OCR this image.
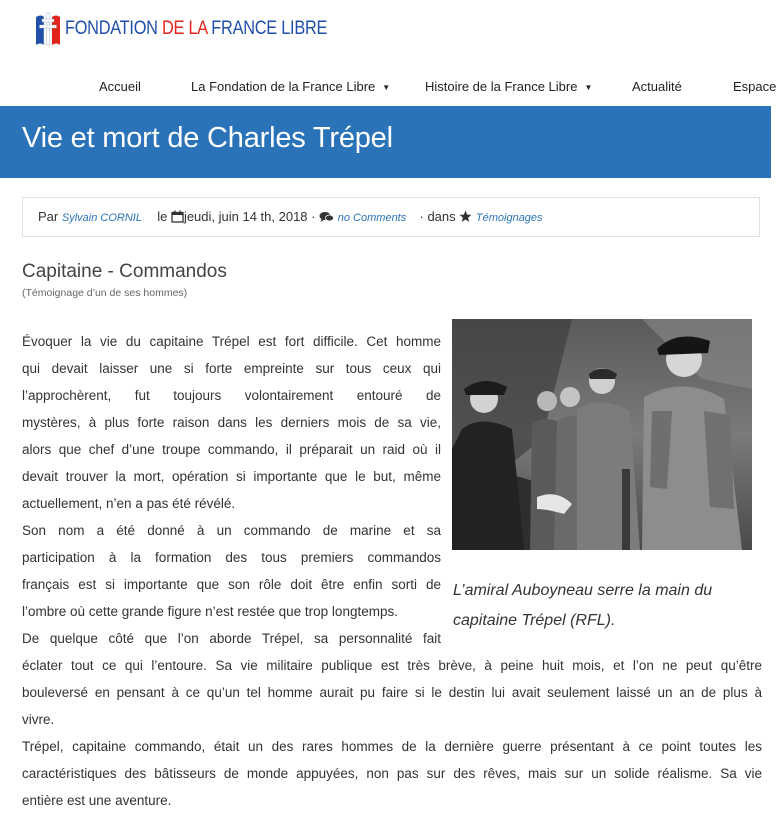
FONDATION DE LA FRANCE LIBRE
Accueil	La Fondation de la France Libre ▼	Histoire de la France Libre ▼	Actualité	Espace
Vie et mort de Charles Trépel
Par Sylvain CORNIL le jeudi, juin 14 th, 2018 · no Comments · dans Témoignages
Capitaine - Commandos
(Témoignage d’un de ses hommes)
Évoquer la vie du capitaine Trépel est fort difficile. Cet homme
qui devait laisser une si forte empreinte sur tous ceux qui
l’approchèrent, fut toujours volontairement entouré de
mystères, à plus forte raison dans les derniers mois de sa vie,
alors que chef d’une troupe commando, il préparait un raid où il
devait trouver la mort, opération si importante que le but, même
actuellement, n’en a pas été révélé.
Son nom a été donné à un commando de marine et sa
participation à la formation des tous premiers commandos
français est si importante que son rôle doit être enfin sorti de
l’ombre où cette grande figure n’est restée que trop longtemps.
De quelque côté que l’on aborde Trépel, sa personnalité fait
éclater tout ce qui l’entoure. Sa vie militaire publique est très brève, à peine huit mois, et l’on ne peut qu’être
bouleversé en pensant à ce qu’un tel homme aurait pu faire si le destin lui avait seulement laissé un an de plus à
vivre.
Trépel, capitaine commando, était un des rares hommes de la dernière guerre présentant à ce point toutes les
caractéristiques des bâtisseurs de monde appuyées, non pas sur des rêves, mais sur un solide réalisme. Sa vie
entière est une aventure.
L’amiral Auboyneau serre la main du
capitaine Trépel (RFL).
